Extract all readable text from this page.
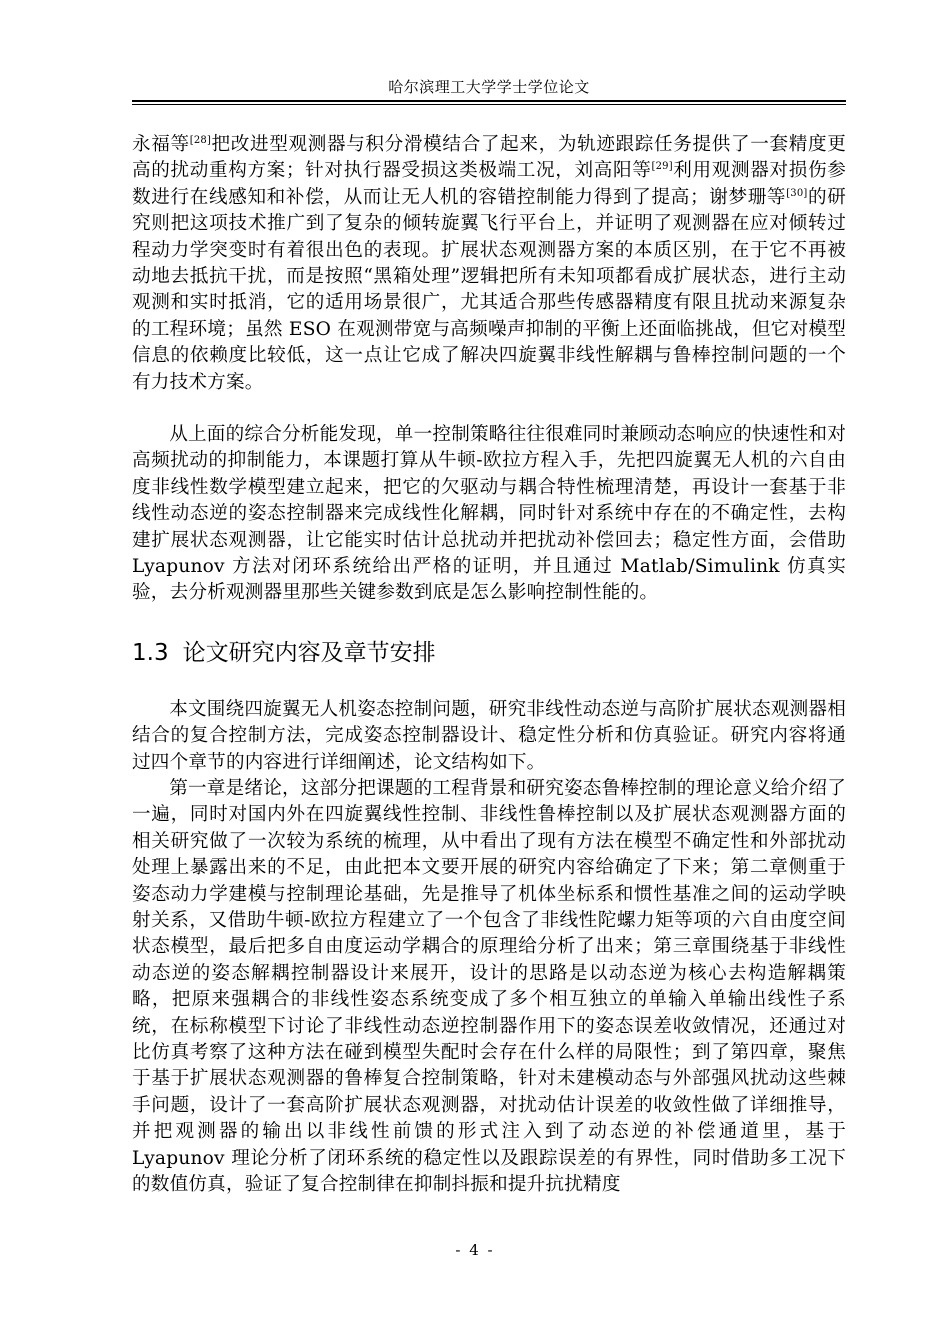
哈尔滨理工大学学士学位论文

永福等[28]把改进型观测器与积分滑模结合了起来，为轨迹跟踪任务提供了一套精度更高的扰动重构方案；针对执行器受损这类极端工况，刘高阳等[29]利用观测器对损伤参数进行在线感知和补偿，从而让无人机的容错控制能力得到了提高；谢梦珊等[30]的研究则把这项技术推广到了复杂的倾转旋翼飞行平台上，并证明了观测器在应对倾转过程动力学突变时有着很出色的表现。扩展状态观测器方案的本质区别，在于它不再被动地去抵抗干扰，而是按照“黑箱处理”逻辑把所有未知项都看成扩展状态，进行主动观测和实时抵消，它的适用场景很广，尤其适合那些传感器精度有限且扰动来源复杂的工程环境；虽然 ESO 在观测带宽与高频噪声抑制的平衡上还面临挑战，但它对模型信息的依赖度比较低，这一点让它成了解决四旋翼非线性解耦与鲁棒控制问题的一个有力技术方案。

从上面的综合分析能发现，单一控制策略往往很难同时兼顾动态响应的快速性和对高频扰动的抑制能力，本课题打算从牛顿-欧拉方程入手，先把四旋翼无人机的六自由度非线性数学模型建立起来，把它的欠驱动与耦合特性梳理清楚，再设计一套基于非线性动态逆的姿态控制器来完成线性化解耦，同时针对系统中存在的不确定性，去构建扩展状态观测器，让它能实时估计总扰动并把扰动补偿回去；稳定性方面，会借助 Lyapunov 方法对闭环系统给出严格的证明，并且通过 Matlab/Simulink 仿真实验，去分析观测器里那些关键参数到底是怎么影响控制性能的。

1.3 论文研究内容及章节安排

本文围绕四旋翼无人机姿态控制问题，研究非线性动态逆与高阶扩展状态观测器相结合的复合控制方法，完成姿态控制器设计、稳定性分析和仿真验证。研究内容将通过四个章节的内容进行详细阐述，论文结构如下。

第一章是绪论，这部分把课题的工程背景和研究姿态鲁棒控制的理论意义给介绍了一遍，同时对国内外在四旋翼线性控制、非线性鲁棒控制以及扩展状态观测器方面的相关研究做了一次较为系统的梳理，从中看出了现有方法在模型不确定性和外部扰动处理上暴露出来的不足，由此把本文要开展的研究内容给确定了下来；第二章侧重于姿态动力学建模与控制理论基础，先是推导了机体坐标系和惯性基准之间的运动学映射关系，又借助牛顿-欧拉方程建立了一个包含了非线性陀螺力矩等项的六自由度空间状态模型，最后把多自由度运动学耦合的原理给分析了出来；第三章围绕基于非线性动态逆的姿态解耦控制器设计来展开，设计的思路是以动态逆为核心去构造解耦策略，把原来强耦合的非线性姿态系统变成了多个相互独立的单输入单输出线性子系统，在标称模型下讨论了非线性动态逆控制器作用下的姿态误差收敛情况，还通过对比仿真考察了这种方法在碰到模型失配时会存在什么样的局限性；到了第四章，聚焦于基于扩展状态观测器的鲁棒复合控制策略，针对未建模动态与外部强风扰动这些棘手问题，设计了一套高阶扩展状态观测器，对扰动估计误差的收敛性做了详细推导，并把观测器的输出以非线性前馈的形式注入到了动态逆的补偿通道里，基于 Lyapunov 理论分析了闭环系统的稳定性以及跟踪误差的有界性，同时借助多工况下的数值仿真，验证了复合控制律在抑制抖振和提升抗扰精度

- 4 -
